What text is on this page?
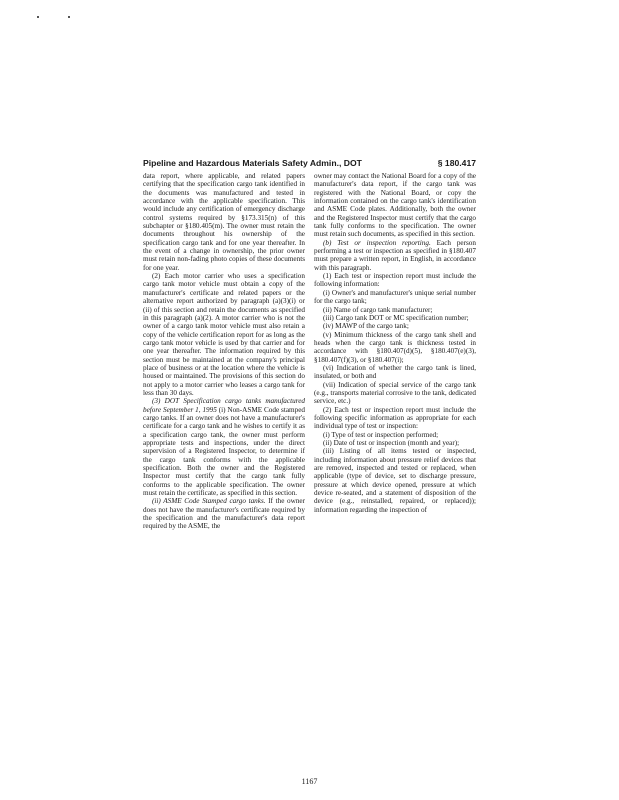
Pipeline and Hazardous Materials Safety Admin., DOT	§ 180.417

data report, where applicable, and related papers certifying that the specification cargo tank identified in the documents was manufactured and tested in accordance with the applicable specification. This would include any certification of emergency discharge control systems required by §173.315(n) of this subchapter or §180.405(m). The owner must retain the documents throughout his ownership of the specification cargo tank and for one year thereafter. In the event of a change in ownership, the prior owner must retain non-fading photo copies of these documents for one year.

(2) Each motor carrier who uses a specification cargo tank motor vehicle must obtain a copy of the manufacturer's certificate and related papers or the alternative report authorized by paragraph (a)(3)(i) or (ii) of this section and retain the documents as specified in this paragraph (a)(2). A motor carrier who is not the owner of a cargo tank motor vehicle must also retain a copy of the vehicle certification report for as long as the cargo tank motor vehicle is used by that carrier and for one year thereafter. The information required by this section must be maintained at the company's principal place of business or at the location where the vehicle is housed or maintained. The provisions of this section do not apply to a motor carrier who leases a cargo tank for less than 30 days.

(3) DOT Specification cargo tanks manufactured before September 1, 1995 (i) Non-ASME Code stamped cargo tanks. If an owner does not have a manufacturer's certificate for a cargo tank and he wishes to certify it as a specification cargo tank, the owner must perform appropriate tests and inspections, under the direct supervision of a Registered Inspector, to determine if the cargo tank conforms with the applicable specification. Both the owner and the Registered Inspector must certify that the cargo tank fully conforms to the applicable specification. The owner must retain the certificate, as specified in this section.

(ii) ASME Code Stamped cargo tanks. If the owner does not have the manufacturer's certificate required by the specification and the manufacturer's data report required by the ASME, the

owner may contact the National Board for a copy of the manufacturer's data report, if the cargo tank was registered with the National Board, or copy the information contained on the cargo tank's identification and ASME Code plates. Additionally, both the owner and the Registered Inspector must certify that the cargo tank fully conforms to the specification. The owner must retain such documents, as specified in this section.

(b) Test or inspection reporting. Each person performing a test or inspection as specified in §180.407 must prepare a written report, in English, in accordance with this paragraph.

(1) Each test or inspection report must include the following information:

(i) Owner's and manufacturer's unique serial number for the cargo tank;

(ii) Name of cargo tank manufacturer;

(iii) Cargo tank DOT or MC specification number;

(iv) MAWP of the cargo tank;

(v) Minimum thickness of the cargo tank shell and heads when the cargo tank is thickness tested in accordance with §180.407(d)(5), §180.407(e)(3), §180.407(f)(3), or §180.407(i);

(vi) Indication of whether the cargo tank is lined, insulated, or both and

(vii) Indication of special service of the cargo tank (e.g., transports material corrosive to the tank, dedicated service, etc.)

(2) Each test or inspection report must include the following specific information as appropriate for each individual type of test or inspection:

(i) Type of test or inspection performed;

(ii) Date of test or inspection (month and year);

(iii) Listing of all items tested or inspected, including information about pressure relief devices that are removed, inspected and tested or replaced, when applicable (type of device, set to discharge pressure, pressure at which device opened, pressure at which device re-seated, and a statement of disposition of the device (e.g., reinstalled, repaired, or replaced)); information regarding the inspection of

1167
